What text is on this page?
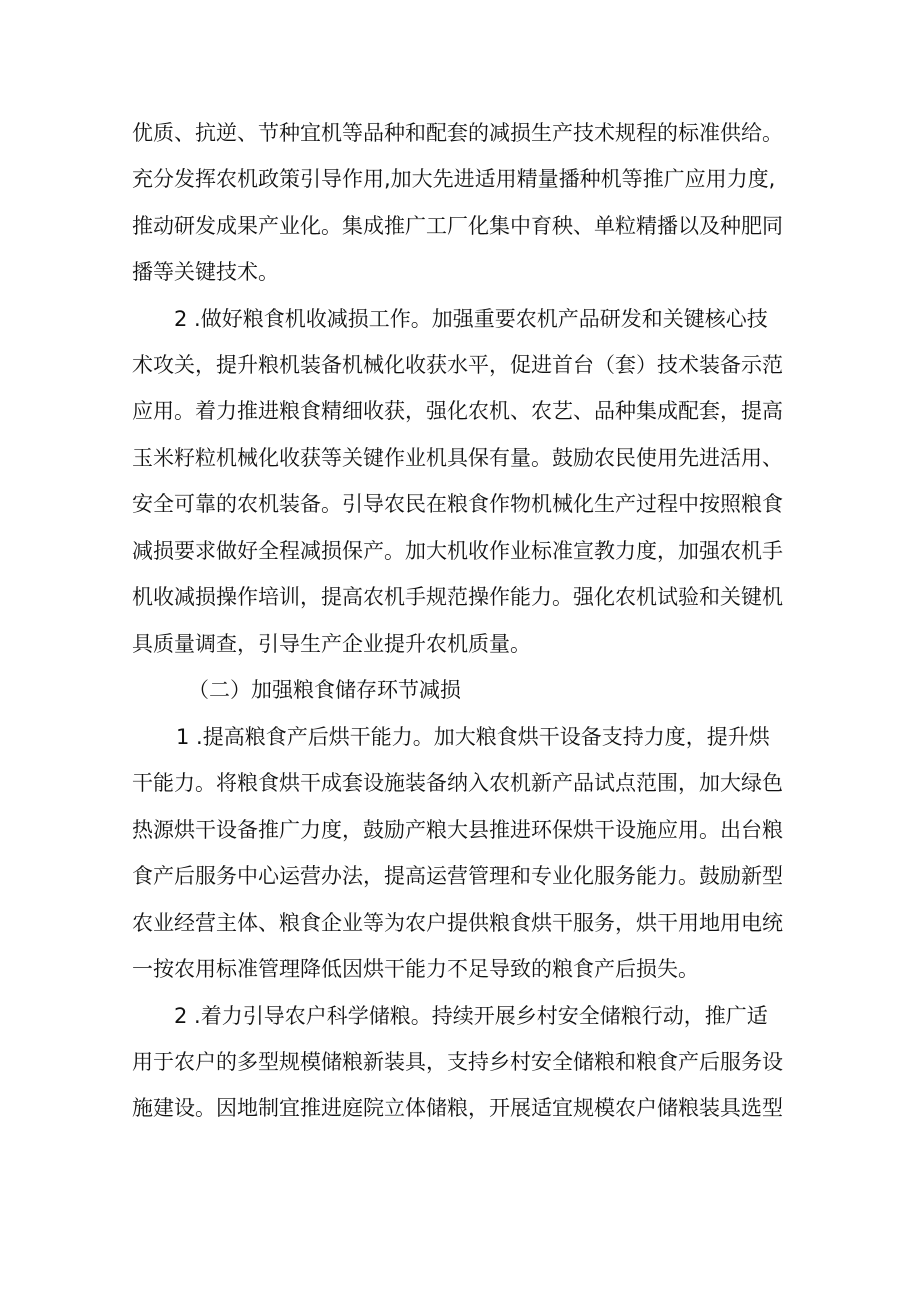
优质、抗逆、节种宜机等品种和配套的减损生产技术规程的标准供给。

充分发挥农机政策引导作用,加大先进适用精量播种机等推广应用力度,

推动研发成果产业化。集成推广工厂化集中育秧、单粒精播以及种肥同

播等关键技术。

2 .做好粮食机收减损工作。加强重要农机产品研发和关键核心技

术攻关，提升粮机装备机械化收获水平，促进首台（套）技术装备示范

应用。着力推进粮食精细收获，强化农机、农艺、品种集成配套，提高

玉米籽粒机械化收获等关键作业机具保有量。鼓励农民使用先进活用、

安全可靠的农机装备。引导农民在粮食作物机械化生产过程中按照粮食

减损要求做好全程减损保产。加大机收作业标准宣教力度，加强农机手

机收减损操作培训，提高农机手规范操作能力。强化农机试验和关键机

具质量调查，引导生产企业提升农机质量。

（二）加强粮食储存环节减损

1 .提高粮食产后烘干能力。加大粮食烘干设备支持力度，提升烘

干能力。将粮食烘干成套设施装备纳入农机新产品试点范围，加大绿色

热源烘干设备推广力度，鼓励产粮大县推进环保烘干设施应用。出台粮

食产后服务中心运营办法，提高运营管理和专业化服务能力。鼓励新型

农业经营主体、粮食企业等为农户提供粮食烘干服务，烘干用地用电统

一按农用标准管理降低因烘干能力不足导致的粮食产后损失。

2 .着力引导农户科学储粮。持续开展乡村安全储粮行动，推广适

用于农户的多型规模储粮新装具，支持乡村安全储粮和粮食产后服务设

施建设。因地制宜推进庭院立体储粮，开展适宜规模农户储粮装具选型
